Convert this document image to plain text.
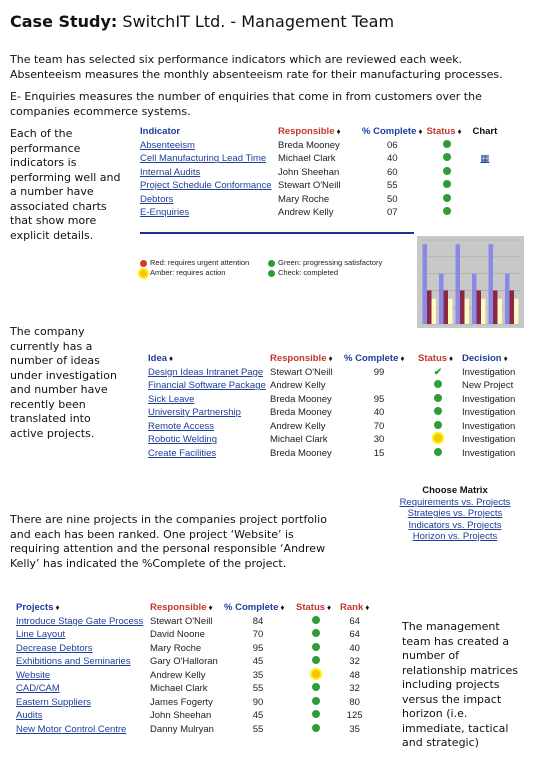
Case Study: SwitchIT Ltd. - Management Team
The team has selected six performance indicators which are reviewed each week. Absenteeism measures the monthly absenteeism rate for their manufacturing processes.
E- Enquiries measures the number of enquiries that come in from customers over the companies ecommerce systems.
Each of the performance indicators is performing well and a number have associated charts that show more explicit details.
The company currently has a number of ideas under investigation and number have recently been translated into active projects.
There are nine projects in the companies project portfolio and each has been ranked. One project ‘Website’ is requiring attention and the personal responsible ‘Andrew Kelly’ has indicated the %Complete of the project.
The management team has created a number of relationship matrices including projects versus the impact horizon (i.e. immediate, tactical and strategic)
Indicator	Responsible ♦	% Complete ♦	Status ♦	Chart
Absenteeism	Breda Mooney	06		
Cell Manufacturing Lead Time	Michael Clark	40		▦
Internal Audits	John Sheehan	60		
Project Schedule Conformance	Stewart O'Neill	55		
Debtors	Mary Roche	50		
E-Enquiries	Andrew Kelly	07		
Red: requires urgent attention
Amber: requires action
Green: progressing satisfactory
Check: completed
Idea ♦	Responsible ♦	% Complete ♦	Status ♦	Decision ♦
Design Ideas Intranet Page	Stewart O'Neill	99	✔	Investigation
Financial Software Package	Andrew Kelly			New Project
Sick Leave	Breda Mooney	95		Investigation
University Partnership	Breda Mooney	40		Investigation
Remote Access	Andrew Kelly	70		Investigation
Robotic Welding	Michael Clark	30		Investigation
Create Facilities	Breda Mooney	15		Investigation
Choose Matrix
Requirements vs. Projects
Strategies vs. Projects
Indicators vs. Projects
Horizon vs. Projects
Projects ♦	Responsible ♦	% Complete ♦	Status ♦	Rank ♦
Introduce Stage Gate Process	Stewart O'Neill	84		64
Line Layout	David Noone	70		64
Decrease Debtors	Mary Roche	95		40
Exhibitions and Seminaries	Gary O'Halloran	45		32
Website	Andrew Kelly	35		48
CAD/CAM	Michael Clark	55		32
Eastern Suppliers	James Fogerty	90		80
Audits	John Sheehan	45		125
New Motor Control Centre	Danny Mulryan	55		35
